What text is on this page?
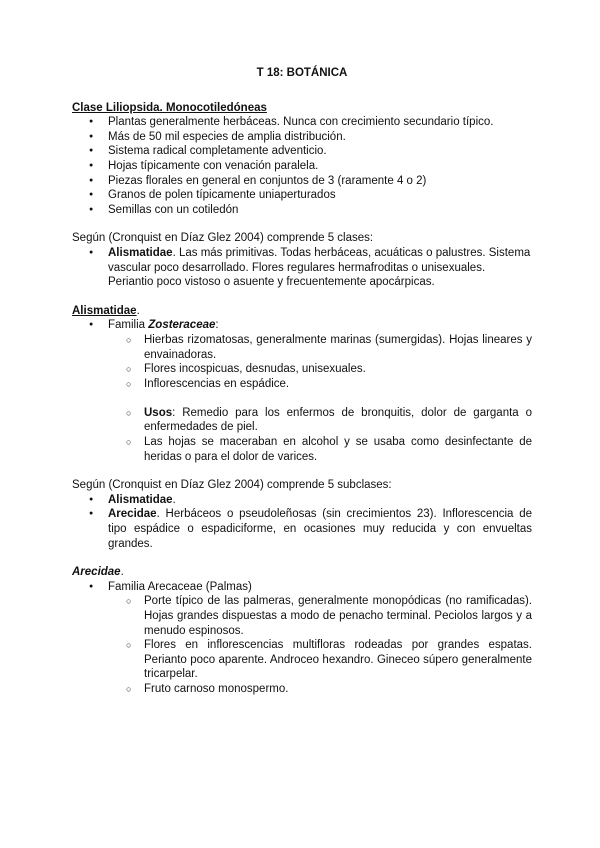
T 18: BOTÁNICA

Clase Liliopsida. Monocotiledóneas

● Plantas generalmente herbáceas. Nunca con crecimiento secundario típico.
● Más de 50 mil especies de amplia distribución.
● Sistema radical completamente adventicio.
● Hojas típicamente con venación paralela.
● Piezas florales en general en conjuntos de 3 (raramente 4 o 2)
● Granos de polen típicamente uniaperturados
● Semillas con un cotiledón

Según (Cronquist en Díaz Glez 2004) comprende 5 clases:

● Alismatidae. Las más primitivas. Todas herbáceas, acuáticas o palustres. Sistema vascular poco desarrollado. Flores regulares hermafroditas o unisexuales. Periantio poco vistoso o asuente y frecuentemente apocárpicas.

Alismatidae.

● Familia Zosteraceae:
○ Hierbas rizomatosas, generalmente marinas (sumergidas). Hojas lineares y envainadoras.
○ Flores incospicuas, desnudas, unisexuales.
○ Inflorescencias en espádice.
○ Usos: Remedio para los enfermos de bronquitis, dolor de garganta o enfermedades de piel.
○ Las hojas se maceraban en alcohol y se usaba como desinfectante de heridas o para el dolor de varices.

Según (Cronquist en Díaz Glez 2004) comprende 5 subclases:

● Alismatidae.
● Arecidae. Herbáceos o pseudoleñosas (sin crecimientos 23). Inflorescencia de tipo espádice o espadiciforme, en ocasiones muy reducida y con envueltas grandes.

Arecidae.

● Familia Arecaceae (Palmas)
○ Porte típico de las palmeras, generalmente monopódicas (no ramificadas). Hojas grandes dispuestas a modo de penacho terminal. Peciolos largos y a menudo espinosos.
○ Flores en inflorescencias multifloras rodeadas por grandes espatas. Perianto poco aparente. Androceo hexandro. Gineceo súpero generalmente tricarpelar.
○ Fruto carnoso monospermo.
